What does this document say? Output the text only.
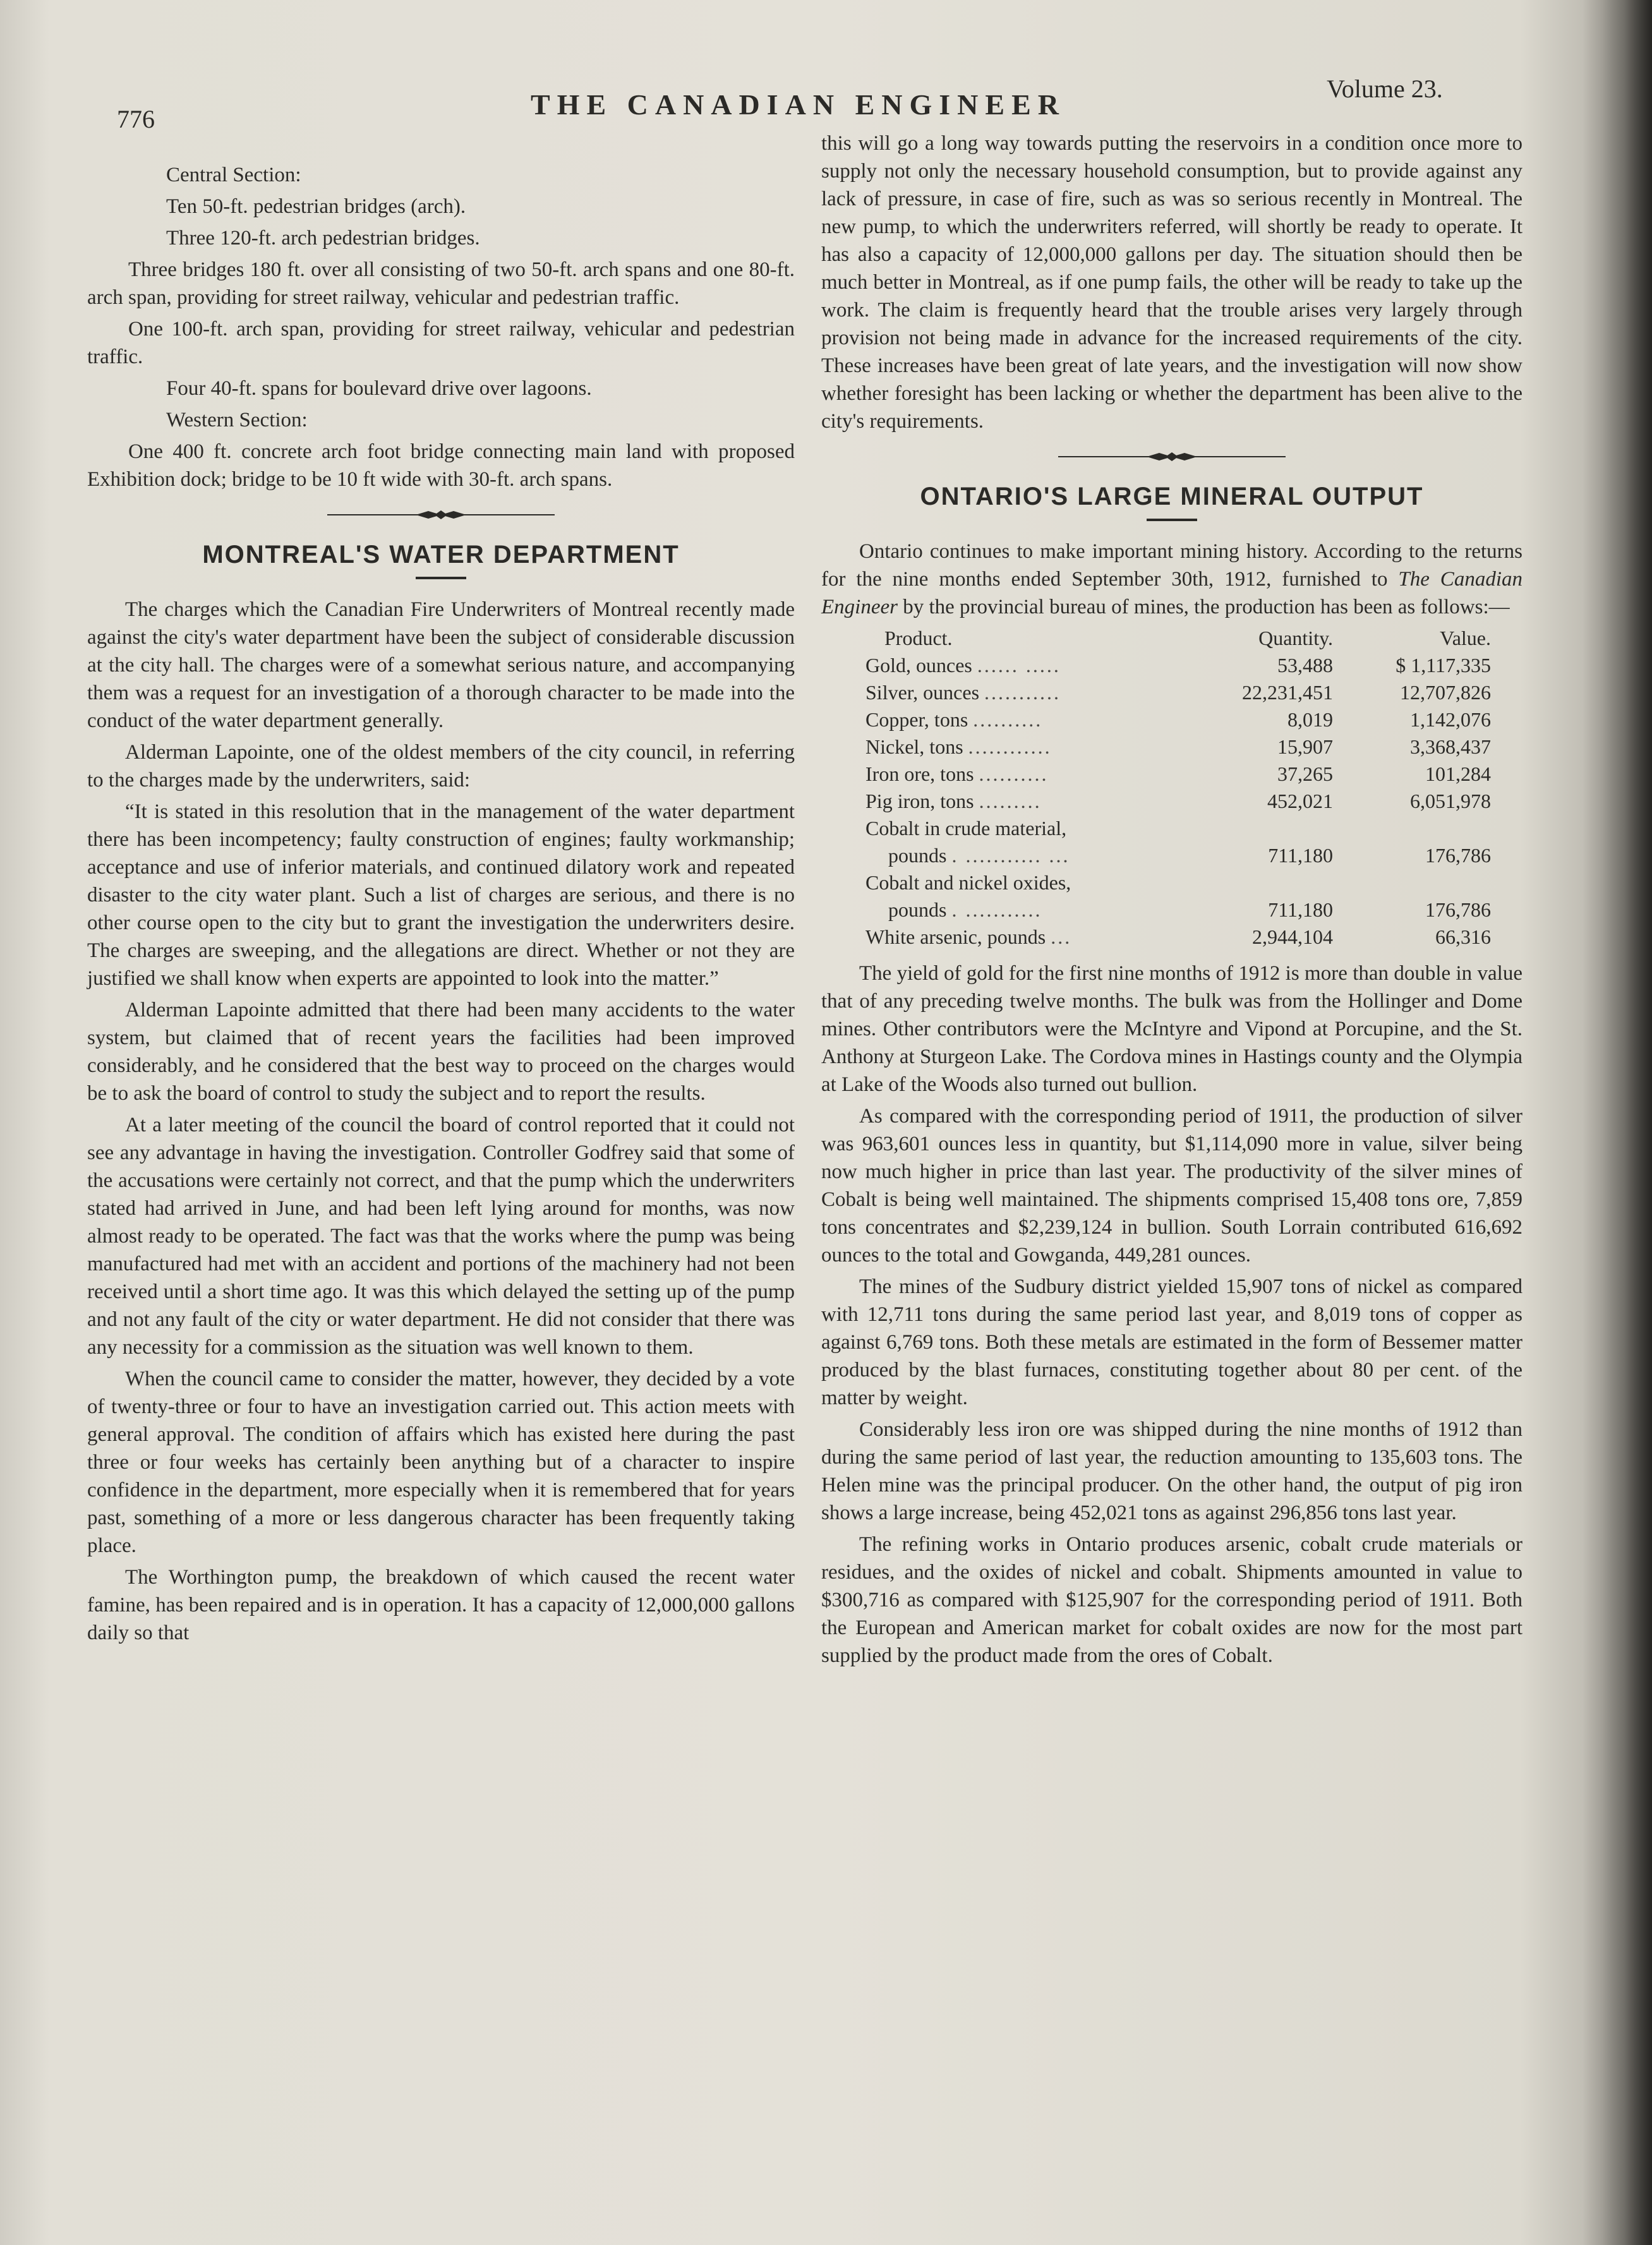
776	THE CANADIAN ENGINEER	Volume 23.

Central Section:

Ten 50-ft. pedestrian bridges (arch).

Three 120-ft. arch pedestrian bridges.

Three bridges 180 ft. over all consisting of two 50-ft. arch spans and one 80-ft. arch span, providing for street railway, vehicular and pedestrian traffic.

One 100-ft. arch span, providing for street railway, vehicular and pedestrian traffic.

Four 40-ft. spans for boulevard drive over lagoons.

Western Section:

One 400 ft. concrete arch foot bridge connecting main land with proposed Exhibition dock; bridge to be 10 ft wide with 30-ft. arch spans.

MONTREAL'S WATER DEPARTMENT

The charges which the Canadian Fire Underwriters of Montreal recently made against the city's water department have been the subject of considerable discussion at the city hall. The charges were of a somewhat serious nature, and accompanying them was a request for an investigation of a thorough character to be made into the conduct of the water department generally.

Alderman Lapointe, one of the oldest members of the city council, in referring to the charges made by the underwriters, said:

“It is stated in this resolution that in the management of the water department there has been incompetency; faulty construction of engines; faulty workmanship; acceptance and use of inferior materials, and continued dilatory work and repeated disaster to the city water plant. Such a list of charges are serious, and there is no other course open to the city but to grant the investigation the underwriters desire. The charges are sweeping, and the allegations are direct. Whether or not they are justified we shall know when experts are appointed to look into the matter.”

Alderman Lapointe admitted that there had been many accidents to the water system, but claimed that of recent years the facilities had been improved considerably, and he considered that the best way to proceed on the charges would be to ask the board of control to study the subject and to report the results.

At a later meeting of the council the board of control reported that it could not see any advantage in having the investigation. Controller Godfrey said that some of the accusations were certainly not correct, and that the pump which the underwriters stated had arrived in June, and had been left lying around for months, was now almost ready to be operated. The fact was that the works where the pump was being manufactured had met with an accident and portions of the machinery had not been received until a short time ago. It was this which delayed the setting up of the pump and not any fault of the city or water department. He did not consider that there was any necessity for a commission as the situation was well known to them.

When the council came to consider the matter, however, they decided by a vote of twenty-three or four to have an investigation carried out. This action meets with general approval. The condition of affairs which has existed here during the past three or four weeks has certainly been anything but of a character to inspire confidence in the department, more especially when it is remembered that for years past, something of a more or less dangerous character has been frequently taking place.

The Worthington pump, the breakdown of which caused the recent water famine, has been repaired and is in operation. It has a capacity of 12,000,000 gallons daily so that

this will go a long way towards putting the reservoirs in a condition once more to supply not only the necessary household consumption, but to provide against any lack of pressure, in case of fire, such as was so serious recently in Montreal. The new pump, to which the underwriters referred, will shortly be ready to operate. It has also a capacity of 12,000,000 gallons per day. The situation should then be much better in Montreal, as if one pump fails, the other will be ready to take up the work. The claim is frequently heard that the trouble arises very largely through provision not being made in advance for the increased requirements of the city. These increases have been great of late years, and the investigation will now show whether foresight has been lacking or whether the department has been alive to the city's requirements.

ONTARIO'S LARGE MINERAL OUTPUT

Ontario continues to make important mining history. According to the returns for the nine months ended September 30th, 1912, furnished to The Canadian Engineer by the provincial bureau of mines, the production has been as follows:—

Product.	Quantity.	Value.
Gold, ounces ...... .....	53,488	$ 1,117,335
Silver, ounces ...........	22,231,451	12,707,826
Copper, tons ..........	8,019	1,142,076
Nickel, tons ............	15,907	3,368,437
Iron ore, tons ..........	37,265	101,284
Pig iron, tons .........	452,021	6,051,978

Cobalt in crude material,
pounds . ........... ...	711,180	176,786

Cobalt and nickel oxides,
pounds . ...........	711,180	176,786
White arsenic, pounds ...	2,944,104	66,316

The yield of gold for the first nine months of 1912 is more than double in value that of any preceding twelve months. The bulk was from the Hollinger and Dome mines. Other contributors were the McIntyre and Vipond at Porcupine, and the St. Anthony at Sturgeon Lake. The Cordova mines in Hastings county and the Olympia at Lake of the Woods also turned out bullion.

As compared with the corresponding period of 1911, the production of silver was 963,601 ounces less in quantity, but $1,114,090 more in value, silver being now much higher in price than last year. The productivity of the silver mines of Cobalt is being well maintained. The shipments comprised 15,408 tons ore, 7,859 tons concentrates and $2,239,124 in bullion. South Lorrain contributed 616,692 ounces to the total and Gowganda, 449,281 ounces.

The mines of the Sudbury district yielded 15,907 tons of nickel as compared with 12,711 tons during the same period last year, and 8,019 tons of copper as against 6,769 tons. Both these metals are estimated in the form of Bessemer matter produced by the blast furnaces, constituting together about 80 per cent. of the matter by weight.

Considerably less iron ore was shipped during the nine months of 1912 than during the same period of last year, the reduction amounting to 135,603 tons. The Helen mine was the principal producer. On the other hand, the output of pig iron shows a large increase, being 452,021 tons as against 296,856 tons last year.

The refining works in Ontario produces arsenic, cobalt crude materials or residues, and the oxides of nickel and cobalt. Shipments amounted in value to $300,716 as compared with $125,907 for the corresponding period of 1911. Both the European and American market for cobalt oxides are now for the most part supplied by the product made from the ores of Cobalt.
